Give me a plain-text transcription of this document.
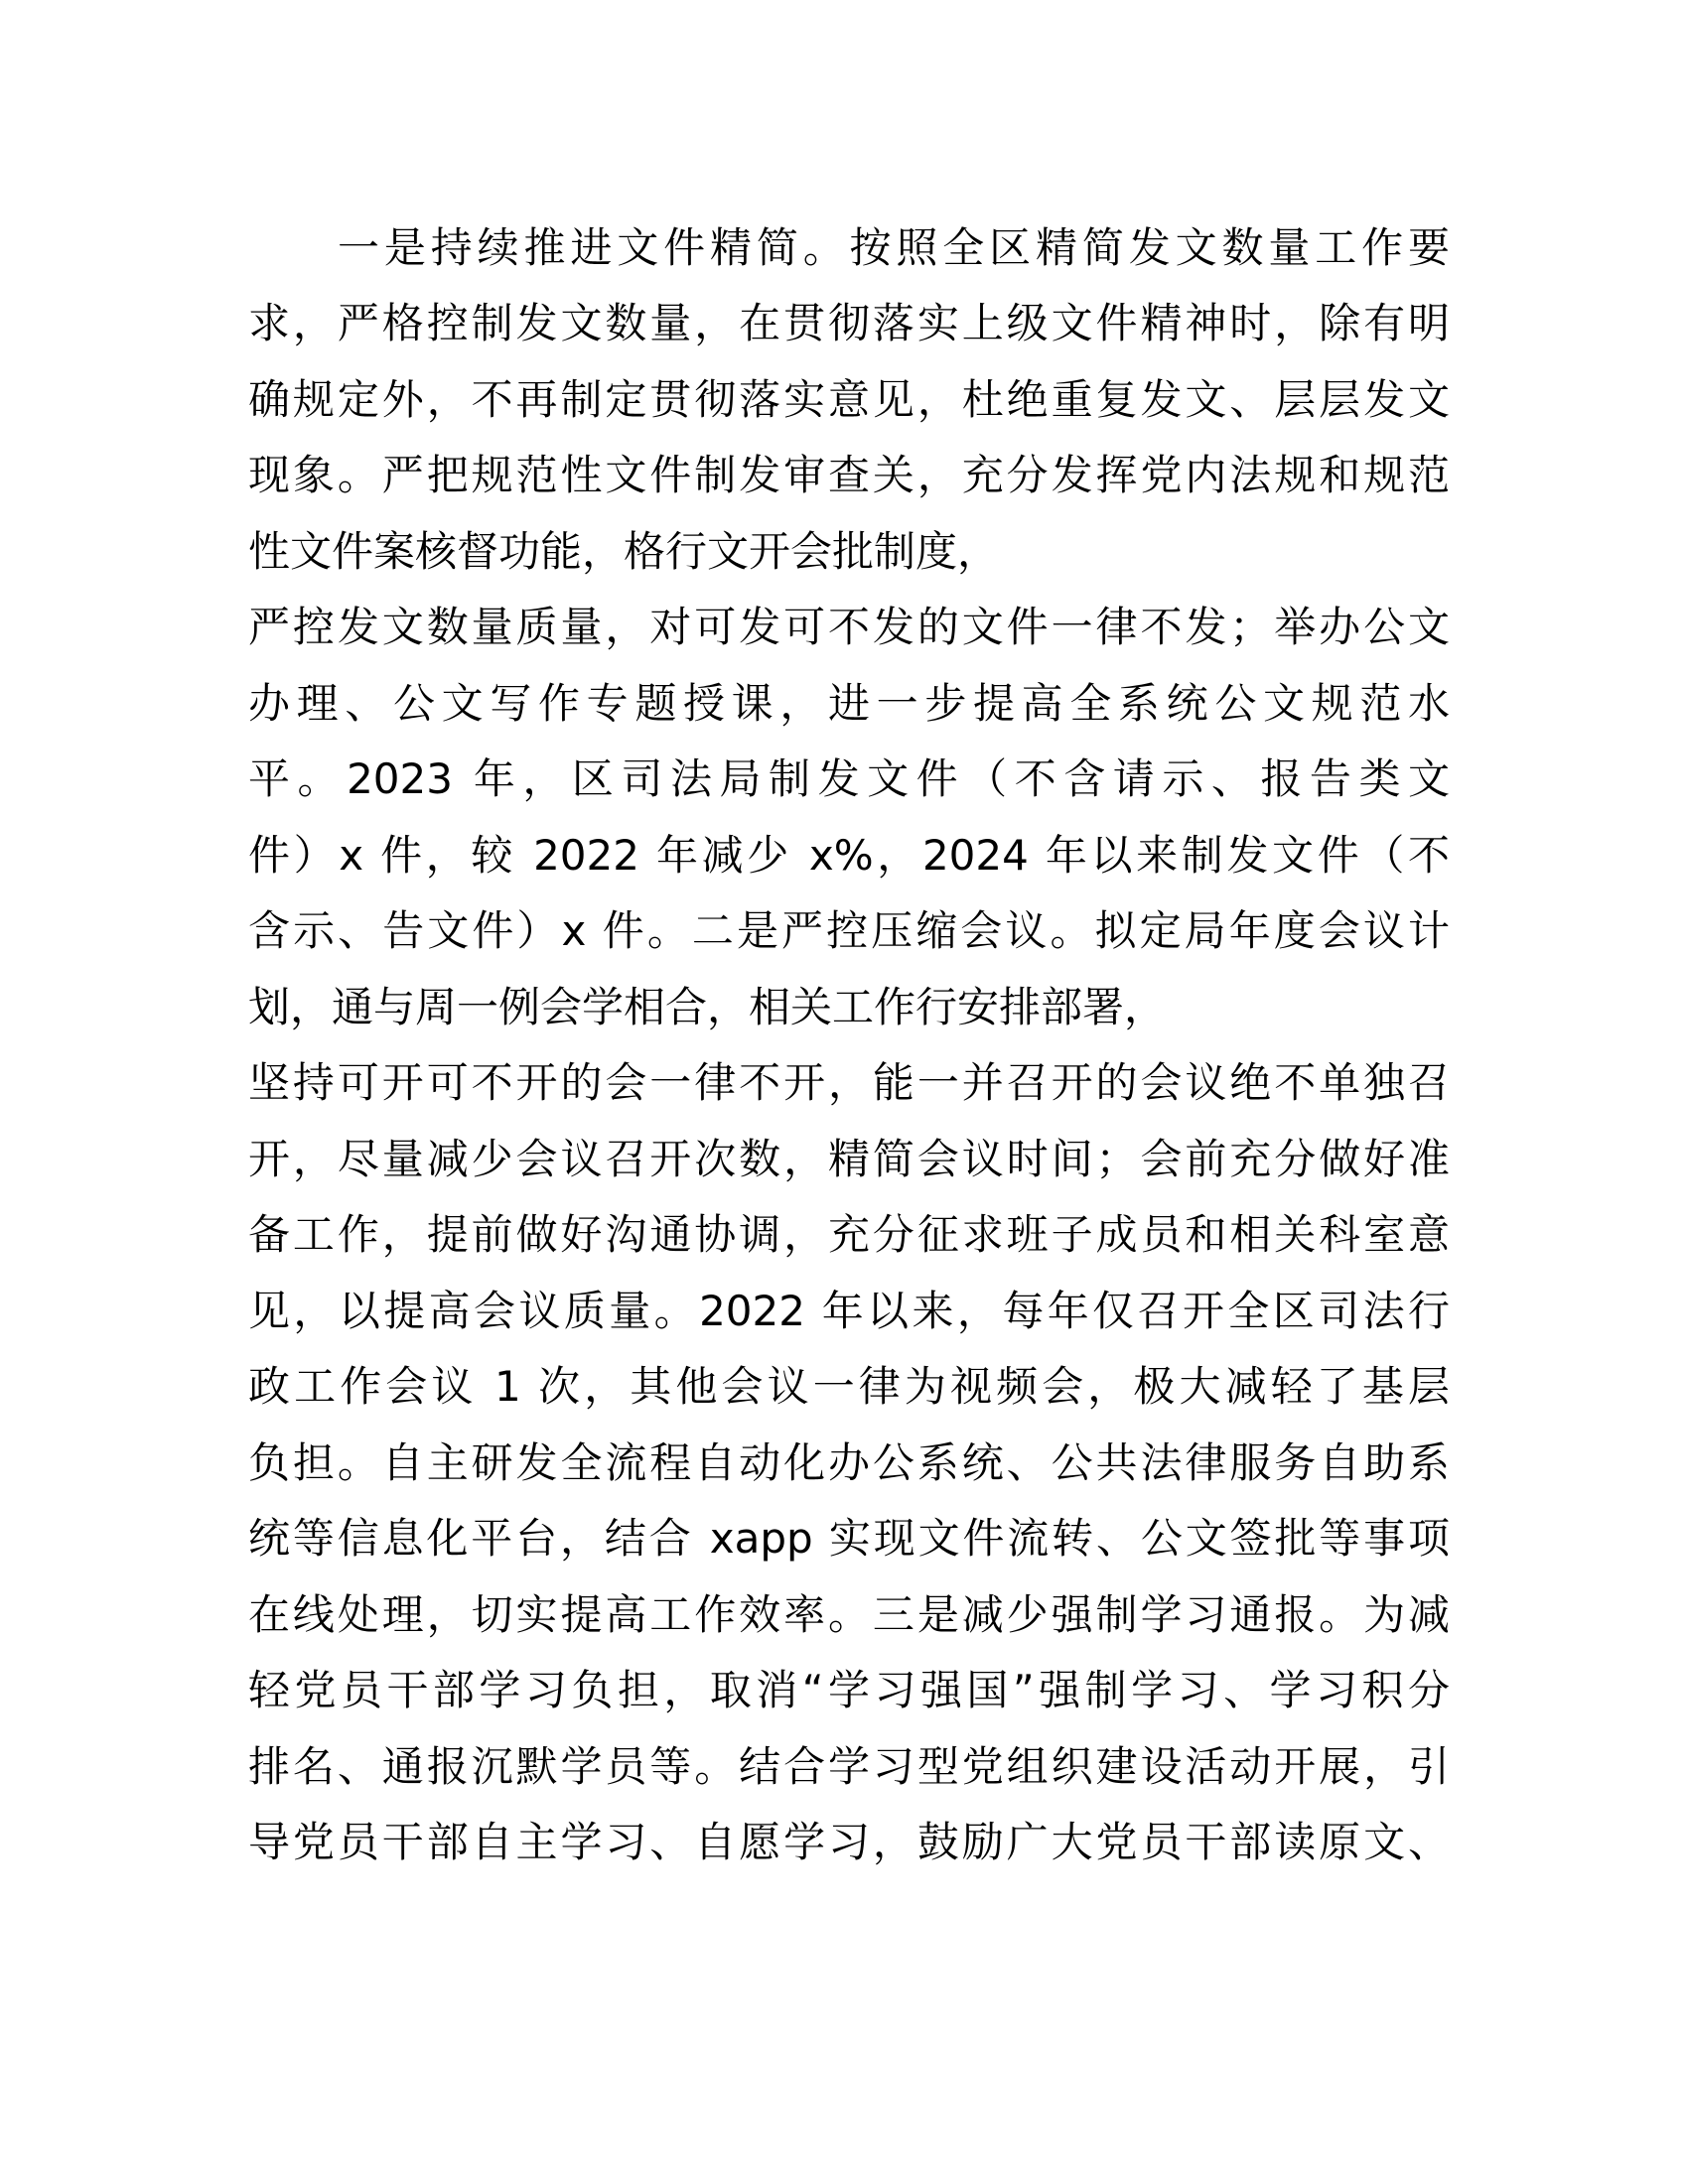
一是持续推进文件精简。按照全区精简发文数量工作要
求，严格控制发文数量，在贯彻落实上级文件精神时，除有明
确规定外，不再制定贯彻落实意见，杜绝重复发文、层层发文
现象。严把规范性文件制发审查关，充分发挥党内法规和规范
性文件案核督功能，格行文开会批制度，
严控发文数量质量，对可发可不发的文件一律不发；举办公文
办理、公文写作专题授课，进一步提高全系统公文规范水
平。2023 年，区司法局制发文件（不含请示、报告类文
件）x 件，较 2022 年减少 x%，2024 年以来制发文件（不
含示、告文件）x 件。二是严控压缩会议。拟定局年度会议计
划，通与周一例会学相合，相关工作行安排部署，
坚持可开可不开的会一律不开，能一并召开的会议绝不单独召
开，尽量减少会议召开次数，精简会议时间；会前充分做好准
备工作，提前做好沟通协调，充分征求班子成员和相关科室意
见，以提高会议质量。2022 年以来，每年仅召开全区司法行
政工作会议 1 次，其他会议一律为视频会，极大减轻了基层
负担。自主研发全流程自动化办公系统、公共法律服务自助系
统等信息化平台，结合 xapp 实现文件流转、公文签批等事项
在线处理，切实提高工作效率。三是减少强制学习通报。为减
轻党员干部学习负担，取消“学习强国”强制学习、学习积分
排名、通报沉默学员等。结合学习型党组织建设活动开展，引
导党员干部自主学习、自愿学习，鼓励广大党员干部读原文、
